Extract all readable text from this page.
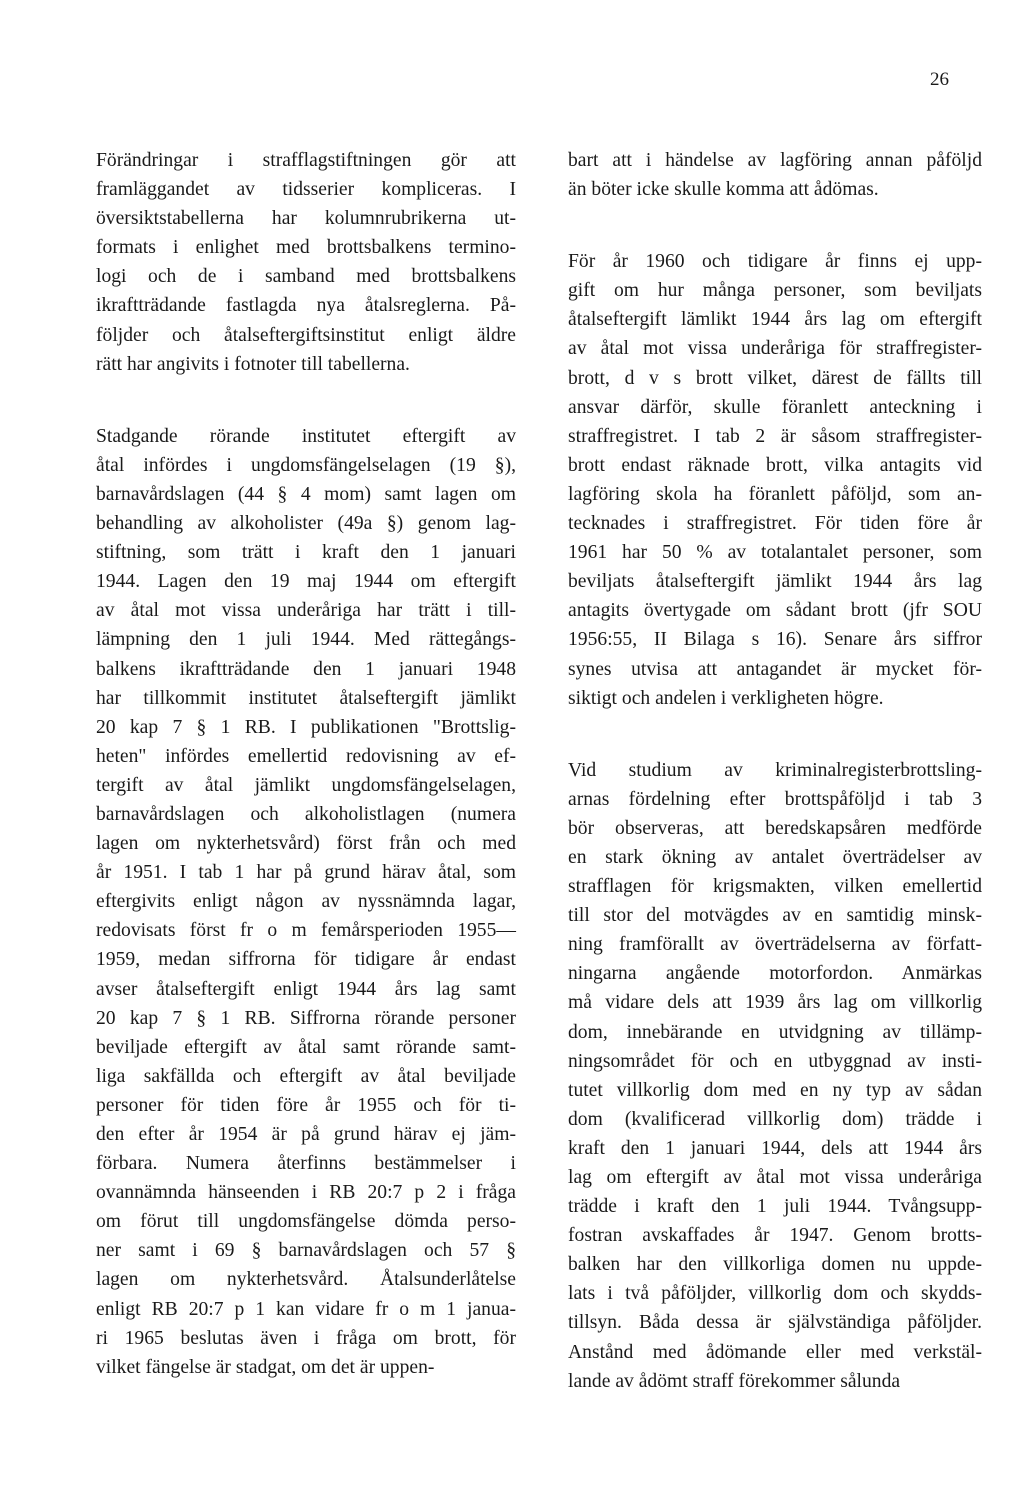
26
Förändringar i strafflagstiftningen gör att
framläggandet av tidsserier kompliceras. I
översiktstabellerna har kolumnrubrikerna ut-
formats i enlighet med brottsbalkens termino-
logi och de i samband med brottsbalkens
ikraftträdande fastlagda nya åtalsreglerna. På-
följder och åtalseftergiftsinstitut enligt äldre
rätt har angivits i fotnoter till tabellerna.
Stadgande rörande institutet eftergift av
åtal infördes i ungdomsfängelselagen (19 §),
barnavårdslagen (44 § 4 mom) samt lagen om
behandling av alkoholister (49a §) genom lag-
stiftning, som trätt i kraft den 1 januari
1944. Lagen den 19 maj 1944 om eftergift
av åtal mot vissa underåriga har trätt i till-
lämpning den 1 juli 1944. Med rättegångs-
balkens ikraftträdande den 1 januari 1948
har tillkommit institutet åtalseftergift jämlikt
20 kap 7 § 1 RB. I publikationen "Brottslig-
heten" infördes emellertid redovisning av ef-
tergift av åtal jämlikt ungdomsfängelselagen,
barnavårdslagen och alkoholistlagen (numera
lagen om nykterhetsvård) först från och med
år 1951. I tab 1 har på grund härav åtal, som
eftergivits enligt någon av nyssnämnda lagar,
redovisats först fr o m femårsperioden 1955—
1959, medan siffrorna för tidigare år endast
avser åtalseftergift enligt 1944 års lag samt
20 kap 7 § 1 RB. Siffrorna rörande personer
beviljade eftergift av åtal samt rörande samt-
liga sakfällda och eftergift av åtal beviljade
personer för tiden före år 1955 och för ti-
den efter år 1954 är på grund härav ej jäm-
förbara. Numera återfinns bestämmelser i
ovannämnda hänseenden i RB 20:7 p 2 i fråga
om förut till ungdomsfängelse dömda perso-
ner samt i 69 § barnavårdslagen och 57 §
lagen om nykterhetsvård. Åtalsunderlåtelse
enligt RB 20:7 p 1 kan vidare fr o m 1 janua-
ri 1965 beslutas även i fråga om brott, för
vilket fängelse är stadgat, om det är uppen-
bart att i händelse av lagföring annan påföljd
än böter icke skulle komma att ådömas.
För år 1960 och tidigare år finns ej upp-
gift om hur många personer, som beviljats
åtalseftergift lämlikt 1944 års lag om eftergift
av åtal mot vissa underåriga för straffregister-
brott, d v s brott vilket, därest de fällts till
ansvar därför, skulle föranlett anteckning i
straffregistret. I tab 2 är såsom straffregister-
brott endast räknade brott, vilka antagits vid
lagföring skola ha föranlett påföljd, som an-
tecknades i straffregistret. För tiden före år
1961 har 50 % av totalantalet personer, som
beviljats åtalseftergift jämlikt 1944 års lag
antagits övertygade om sådant brott (jfr SOU
1956:55, II Bilaga s 16). Senare års siffror
synes utvisa att antagandet är mycket för-
siktigt och andelen i verkligheten högre.
Vid studium av kriminalregisterbrottsling-
arnas fördelning efter brottspåföljd i tab 3
bör observeras, att beredskapsåren medförde
en stark ökning av antalet överträdelser av
strafflagen för krigsmakten, vilken emellertid
till stor del motvägdes av en samtidig minsk-
ning framförallt av överträdelserna av författ-
ningarna angående motorfordon. Anmärkas
må vidare dels att 1939 års lag om villkorlig
dom, innebärande en utvidgning av tillämp-
ningsområdet för och en utbyggnad av insti-
tutet villkorlig dom med en ny typ av sådan
dom (kvalificerad villkorlig dom) trädde i
kraft den 1 januari 1944, dels att 1944 års
lag om eftergift av åtal mot vissa underåriga
trädde i kraft den 1 juli 1944. Tvångsupp-
fostran avskaffades år 1947. Genom brotts-
balken har den villkorliga domen nu uppde-
lats i två påföljder, villkorlig dom och skydds-
tillsyn. Båda dessa är självständiga påföljder.
Anstånd med ådömande eller med verkstäl-
lande av ådömt straff förekommer sålunda
